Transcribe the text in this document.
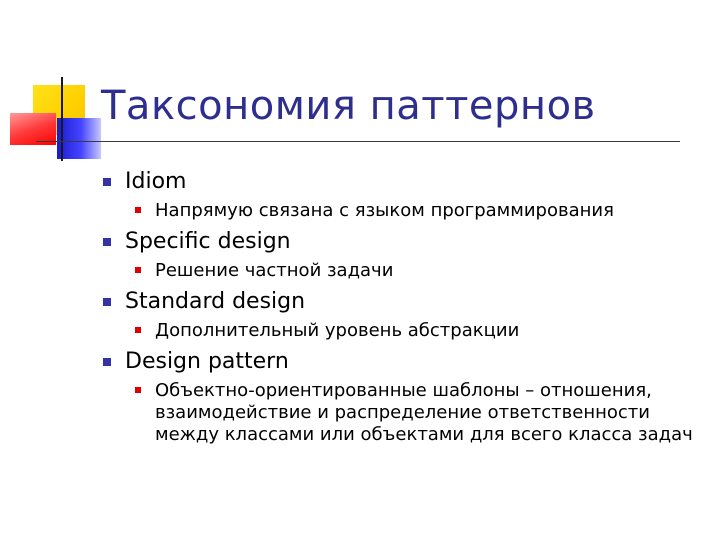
Таксономия паттернов
Idiom
Напрямую связана с языком программирования
Specific design
Решение частной задачи
Standard design
Дополнительный уровень абстракции
Design pattern
Объектно-ориентированные шаблоны – отношения, взаимодействие и распределение ответственности между классами или объектами для всего класса задач
